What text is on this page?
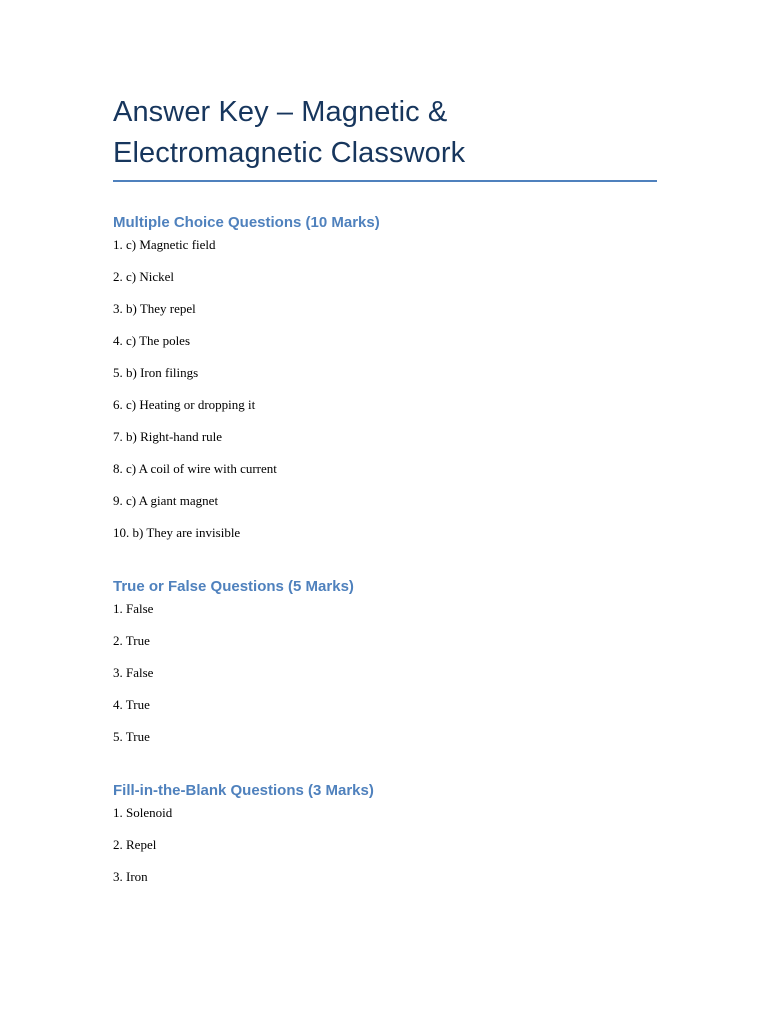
Answer Key – Magnetic &
Electromagnetic Classwork
Multiple Choice Questions (10 Marks)
1. c) Magnetic field
2. c) Nickel
3. b) They repel
4. c) The poles
5. b) Iron filings
6. c) Heating or dropping it
7. b) Right-hand rule
8. c) A coil of wire with current
9. c) A giant magnet
10. b) They are invisible
True or False Questions (5 Marks)
1. False
2. True
3. False
4. True
5. True
Fill-in-the-Blank Questions (3 Marks)
1. Solenoid
2. Repel
3. Iron
